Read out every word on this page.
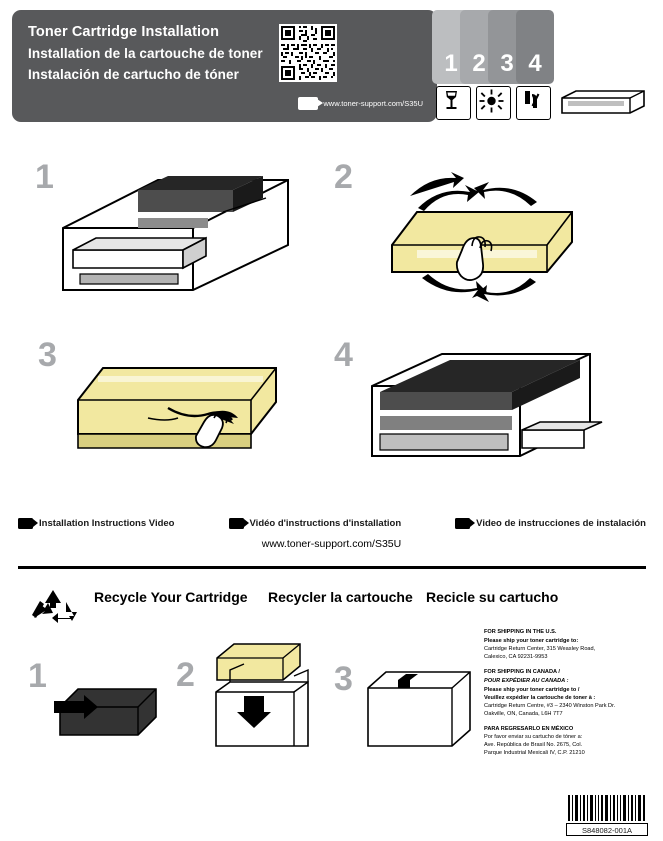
Toner Cartridge Installation
Installation de la cartouche de toner
Instalación de cartucho de tóner
www.toner-support.com/S35U
1 2 3 4
1	2
3	4
Installation Instructions Video	Vidéo d'instructions d'installation	Video de instrucciones de instalación
www.toner-support.com/S35U
Recycle Your Cartridge Recycler la cartouche Recicle su cartucho
1	2	3
FOR SHIPPING IN THE U.S.
Please ship your toner cartridge to:
Cartridge Return Center, 315 Weasley Road,
Calexico, CA 92231-9953
FOR SHIPPING IN CANADA /
POUR EXPÉDIER AU CANADA :
Please ship your toner cartridge to /
Veuillez expédier la cartouche de toner à :
Cartridge Return Centre, #3 – 2340 Winston Park Dr.
Oakville, ON, Canada, L6H 7T7
PARA REGRESARLO EN MÉXICO
Por favor enviar su cartucho de tóner a:
Ave. República de Brasil No. 2675, Col.
Parque Industrial Mexicali IV, C.P. 21210
S848082-001A
